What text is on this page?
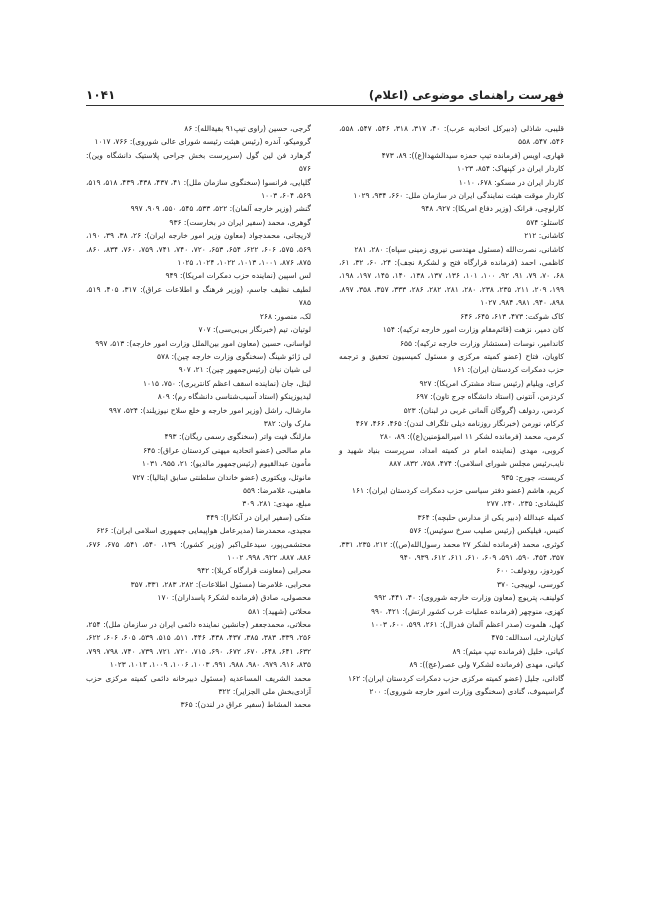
فهرست راهنمای موضوعی (اعلام)
۱۰۴۱

قلیبی، شاذلی (دبیرکل اتحادیه عرب): ۴۰، ۳۱۷، ۳۱۸، ۵۴۶، ۵۴۷، ۵۵۸، ۵۴۶، ۵۴۷، ۵۵۸

قهاری، اویس (فرمانده تیپ حمزه سیدالشهدا(ع)): ۸۹، ۴۷۳

کاردار ایران در کپنهاک: ۸۵۴، ۱۰۲۳

کاردار ایران در مسکو: ۶۷۸، ۱۰۱۰

کاردار موقت هیئت نمایندگی ایران در سازمان ملل: ۶۶۰، ۹۳۴، ۱۰۲۹

کارلوچی، فرانک (وزیر دفاع امریکا): ۹۲۷، ۹۴۸

کاستلو: ۵۷۴

کاشانی: ۲۱۲

کاشانی، نصرت‌الله (مسئول مهندسی نیروی زمینی سپاه): ۲۸۰، ۲۸۱

کاظمی، احمد (فرمانده قرارگاه فتح و لشکر۸ نجف): ۲۴، ۶۰، ۳۲، ۶۱، ۶۸، ۷۰، ۷۹، ۹۱، ۹۲، ۱۰۰، ۱۰۱، ۱۳۶، ۱۳۷، ۱۳۸، ۱۴۰، ۱۴۵، ۱۹۷، ۱۹۸، ۱۹۹، ۲۰۹، ۲۱۱، ۲۳۵، ۲۳۸، ۲۸۰، ۲۸۱، ۲۸۲، ۲۸۶، ۳۳۳، ۳۵۷، ۳۵۸، ۸۹۷، ۸۹۸، ۹۴۰، ۹۸۱، ۹۸۴، ۱۰۲۷

کاک شوکت: ۴۷۳، ۶۱۳، ۶۴۵، ۶۴۶

کان دمیر، نزهت (قائم‌مقام وزارت امور خارجه ترکیه): ۱۵۴

کاندامیر، نوسات (مستشار وزارت خارجه ترکیه): ۶۵۵

کاویان، فتاح (عضو کمیته مرکزی و مسئول کمیسیون تحقیق و ترجمه حزب دمکرات کردستان ایران): ۱۶۱

کرای، ویلیام (رئیس ستاد مشترک امریکا): ۹۲۷

کردزمن، آنتونی (استاد دانشگاه جرج تاون): ۶۹۷

کردس، ردولف (گروگان آلمانی غربی در لبنان): ۵۲۳

کرکام، نورمن (خبرنگار روزنامه دیلی تلگراف لندن): ۴۶۵، ۴۶۶، ۴۶۷

کرمی، محمد (فرمانده لشکر ۱۱ امیرالمؤمنین(ع)): ۸۹، ۲۸۰

کروبی، مهدی (نماینده امام در کمیته امداد، سرپرست بنیاد شهید و نایب‌رئیس مجلس شورای اسلامی): ۴۷۴، ۷۵۸، ۸۳۲، ۸۸۷

کریست، جورج: ۹۳۵

کریم، هاشم (عضو دفتر سیاسی حزب دمکرات کردستان ایران): ۱۶۱

کلیشادی: ۲۳۵، ۲۴۰، ۲۷۷

کمیله عبدالله (دبیر یکی از مدارس حلبچه): ۳۶۴

کنیس، فیلیکس (رئیس صلیب سرخ سوئیس): ۵۷۶

کوثری، محمد (فرمانده لشکر ۲۷ محمد رسول‌الله(ص)): ۲۱۲، ۲۳۵، ۳۳۱، ۳۵۷، ۴۵۴، ۵۹۰، ۵۹۱، ۶۰۹، ۶۱۰، ۶۱۱، ۶۱۲، ۹۳۹، ۹۴۰

کوردوز، رودولف: ۶۰۰

کورسی، لوییجی: ۳۷۰

کولینف، پتریوچ (معاون وزارت خارجه شوروی): ۴۰، ۴۴۱، ۹۹۲

کهزی، منوچهر (فرمانده عملیات غرب کشور ارتش): ۴۲۱، ۹۹۰

کهل، هلموت (صدر اعظم آلمان فدرال): ۲۶۱، ۵۹۹، ۶۰۰، ۱۰۰۳

کیان‌ارثی، اسدالله: ۴۷۵

کیانی، خلیل (فرمانده تیپ میثم): ۸۹

کیانی، مهدی (فرمانده لشکر۷ ولی عصر(عج)): ۸۹

گادانی، جلیل (عضو کمیته مرکزی حزب دمکرات کردستان ایران): ۱۶۲

گراسیموف، گنادی (سخنگوی وزارت امور خارجه شوروی): ۲۰۰

گرجی، حسین (راوی تیپ۹۱ بقیةالله): ۸۶

گرومیکو، آندره (رئیس هیئت رئیسه شورای عالی شوروی): ۷۶۶، ۱۰۱۷

گرهارد فن لین گول (سرپرست بخش جراحی پلاستیک دانشگاه وین): ۵۷۶

گلیایی، فرانسوا (سخنگوی سازمان ملل): ۴۱، ۴۳۷، ۴۳۸، ۴۳۹، ۵۱۸، ۵۱۹، ۵۶۹، ۶۰۴، ۱۰۰۳

گنشر (وزیر خارجه آلمان): ۵۲۲، ۵۳۳، ۵۴۵، ۵۵۰، ۹۰۹، ۹۹۷

گوهری، محمد (سفیر ایران در بخارست): ۹۳۶

لاریجانی، محمدجواد (معاون وزیر امور خارجه ایران): ۲۶، ۳۸، ۳۹، ۱۹۰، ۵۶۹، ۵۷۵، ۶۰۶، ۶۲۲، ۶۵۴، ۶۵۳، ۷۲۰، ۷۴۰، ۷۴۱، ۷۵۹، ۷۶۰، ۸۳۴، ۸۶۰، ۸۷۵، ۸۷۶، ۱۰۰۱، ۱۰۱۳، ۱۰۲۲، ۱۰۲۴، ۱۰۲۵

لس اسپین (نماینده حزب دمکرات امریکا): ۹۴۹

لطیف نظیف جاسم، (وزیر فرهنگ و اطلاعات عراق): ۳۱۷، ۴۰۵، ۵۱۹، ۷۸۵

لک، منصور: ۲۶۸

لوتیان، تیم (خبرنگار بی‌بی‌سی): ۷۰۷

لواسانی، حسین (معاون امور بین‌الملل وزارت امور خارجه): ۵۱۳، ۹۹۷

لی ژائو شینگ (سخنگوی وزارت خارجه چین): ۵۷۸

لی شیان نیان (رئیس‌جمهور چین): ۲۱، ۹۰۷

لیتل، جان (نماینده اسقف اعظم کانتربری): ۷۵۰، ۱۰۱۵

لیدیوزینکو (استاد آسیب‌شناسی دانشگاه رم): ۸۰۹

مارشال، راشل (وزیر امور خارجه و خلع سلاح نیوزیلند): ۵۲۴، ۹۹۷

مارک وان: ۳۸۲

مارلنگ فیت واتر (سخنگوی رسمی ریگان): ۴۹۳

مام صالحی (عضو اتحادیه میهنی کردستان عراق): ۶۴۵

مأمون عبدالقیوم (رئیس‌جمهور مالدیو): ۲۱، ۹۵۵، ۱۰۳۱

مانوئل، ویکتوری (عضو خاندان سلطنتی سابق ایتالیا): ۷۲۷

ماهینی، غلامرضا: ۵۵۹

مبلغ، مهدی: ۲۸۱، ۳۰۹

متکی (سفیر ایران در آنکارا): ۴۴۹

مجیدی، محمدرضا (مدیرعامل هواپیمایی جمهوری اسلامی ایران): ۶۲۶

محتشمی‌پور، سیدعلی‌اکبر (وزیر کشور): ۱۳۹، ۵۴۰، ۵۴۱، ۶۷۵، ۶۷۶، ۸۸۶، ۸۸۷، ۹۲۲، ۹۹۸، ۱۰۰۲

محرابی (معاونت قرارگاه کربلا): ۹۴۲

محرابی، غلامرضا (مسئول اطلاعات): ۲۸۲، ۲۸۳، ۳۳۱، ۳۵۷

محصولی، صادق (فرمانده لشکر۶ پاسداران): ۱۷۰

محلاتی (شهید): ۵۸۱

محلاتی، محمدجعفر (جانشین نماینده دائمی ایران در سازمان ملل): ۲۵۴، ۲۵۶، ۳۳۹، ۳۸۳، ۳۸۵، ۴۳۷، ۴۳۸، ۴۴۶، ۵۱۱، ۵۱۵، ۵۳۹، ۶۰۵، ۶۰۶، ۶۲۲، ۶۳۲، ۶۴۱، ۶۴۸، ۶۷۰، ۶۷۲، ۶۹۰، ۷۱۵، ۷۲۰، ۷۲۱، ۷۳۹، ۷۴۰، ۷۹۸، ۷۹۹، ۸۳۵، ۹۱۶، ۹۷۹، ۹۸۰، ۹۸۸، ۹۹۱، ۱۰۰۳، ۱۰۰۶، ۱۰۰۹، ۱۰۱۳، ۱۰۲۳

محمد الشریف المساعدیه (مسئول دبیرخانه دائمی کمیته مرکزی حزب آزادی‌بخش ملی الجزایر): ۳۲۲

محمد المشاط (سفیر عراق در لندن): ۳۶۵
